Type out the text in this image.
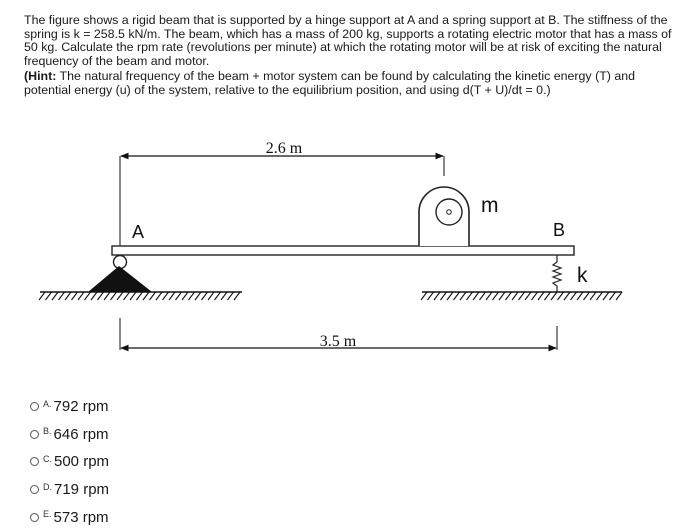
The figure shows a rigid beam that is supported by a hinge support at A and a spring support at B. The stiffness of the spring is k = 258.5 kN/m. The beam, which has a mass of 200 kg, supports a rotating electric motor that has a mass of 50 kg. Calculate the rpm rate (revolutions per minute) at which the rotating motor will be at risk of exciting the natural frequency of the beam and motor.

(Hint: The natural frequency of the beam + motor system can be found by calculating the kinetic energy (T) and potential energy (u) of the system, relative to the equilibrium position, and using d(T + U)/dt = 0.)

2.6 m
A
m
B
k
3.5 m
A. 792 rpm
B. 646 rpm
C. 500 rpm
D. 719 rpm
E. 573 rpm
